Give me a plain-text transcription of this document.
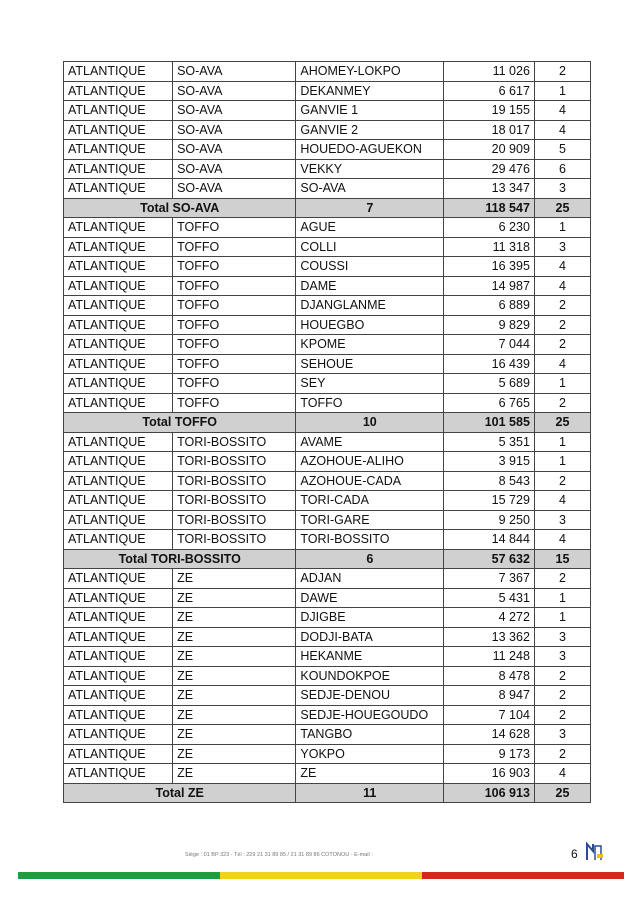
ATLANTIQUE	SO-AVA	AHOMEY-LOKPO	11 026	2
ATLANTIQUE	SO-AVA	DEKANMEY	6 617	1
ATLANTIQUE	SO-AVA	GANVIE 1	19 155	4
ATLANTIQUE	SO-AVA	GANVIE 2	18 017	4
ATLANTIQUE	SO-AVA	HOUEDO-AGUEKON	20 909	5
ATLANTIQUE	SO-AVA	VEKKY	29 476	6
ATLANTIQUE	SO-AVA	SO-AVA	13 347	3
Total SO-AVA		7	118 547	25
ATLANTIQUE	TOFFO	AGUE	6 230	1
ATLANTIQUE	TOFFO	COLLI	11 318	3
ATLANTIQUE	TOFFO	COUSSI	16 395	4
ATLANTIQUE	TOFFO	DAME	14 987	4
ATLANTIQUE	TOFFO	DJANGLANME	6 889	2
ATLANTIQUE	TOFFO	HOUEGBO	9 829	2
ATLANTIQUE	TOFFO	KPOME	7 044	2
ATLANTIQUE	TOFFO	SEHOUE	16 439	4
ATLANTIQUE	TOFFO	SEY	5 689	1
ATLANTIQUE	TOFFO	TOFFO	6 765	2
Total TOFFO		10	101 585	25
ATLANTIQUE	TORI-BOSSITO	AVAME	5 351	1
ATLANTIQUE	TORI-BOSSITO	AZOHOUE-ALIHO	3 915	1
ATLANTIQUE	TORI-BOSSITO	AZOHOUE-CADA	8 543	2
ATLANTIQUE	TORI-BOSSITO	TORI-CADA	15 729	4
ATLANTIQUE	TORI-BOSSITO	TORI-GARE	9 250	3
ATLANTIQUE	TORI-BOSSITO	TORI-BOSSITO	14 844	4
Total TORI-BOSSITO		6	57 632	15
ATLANTIQUE	ZE	ADJAN	7 367	2
ATLANTIQUE	ZE	DAWE	5 431	1
ATLANTIQUE	ZE	DJIGBE	4 272	1
ATLANTIQUE	ZE	DODJI-BATA	13 362	3
ATLANTIQUE	ZE	HEKANME	11 248	3
ATLANTIQUE	ZE	KOUNDOKPOE	8 478	2
ATLANTIQUE	ZE	SEDJE-DENOU	8 947	2
ATLANTIQUE	ZE	SEDJE-HOUEGOUDO	7 104	2
ATLANTIQUE	ZE	TANGBO	14 628	3
ATLANTIQUE	ZE	YOKPO	9 173	2
ATLANTIQUE	ZE	ZE	16 903	4
Total ZE		11	106 913	25
Siège : 01 BP 323 - Tél : 229 21 31 89 85 / 21 31 89 86 COTONOU - E-mail :	6
